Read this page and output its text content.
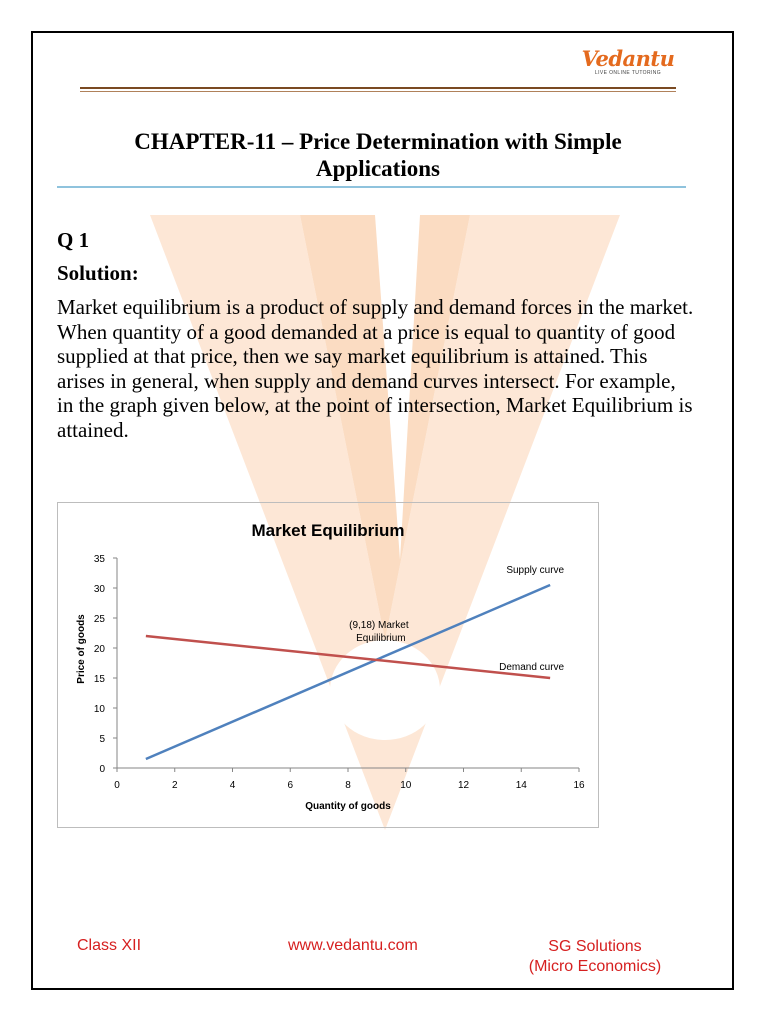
Vedantu
LIVE ONLINE TUTORING
CHAPTER-11 – Price Determination with Simple
Applications
Q 1
Solution:
Market equilibrium is a product of supply and demand forces in the market. When quantity of a good demanded at a price is equal to quantity of good supplied at that price, then we say market equilibrium is attained. This arises in general, when supply and demand curves intersect. For example, in the graph given below, at the point of intersection, Market Equilibrium is attained.
Market Equilibrium
Price of goods
Quantity of goods
0
5
10
15
20
25
30
35
0	2	4	6	8	10	12	14	16
Supply curve
Demand curve
(9,18) Market
Equilibrium
Class XII	www.vedantu.com	SG Solutions
(Micro Economics)
